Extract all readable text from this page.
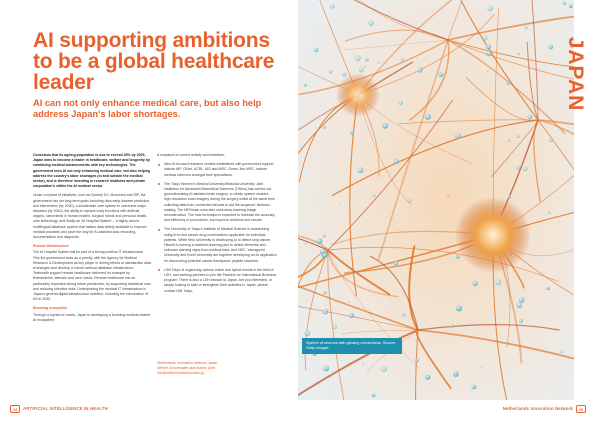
AI supporting ambitions to be a global healthcare leader
AI can not only enhance medical care, but also help address Japan's labor shortages.

Conscious that its ageing population is due to exceed 40% by 2025, Japan aims to become a leader in healthcare, welfare and longevity by combining medical advancements with key technologies. The government sees AI not only enhancing medical care, but also helping address the country's labor shortages (in and outside the medical sector), and is therefore investing in research institutes and private corporation's within the AI medical sector.

Under a myriad of initiatives, such as Society 5.0, Moonshot and SIP, the government has set long-term goals including ultra-early disease prediction and intervention (by 2030), a sustainable care system to overcome major diseases (by 2040), the ability to replace body functions with artificial organs, nanorobots in human bodies, surgical robots and personal health-care technology, and finally an 'AI Hospital System' – a highly secure multilingual database system that makes data widely available to improve medical practices and pave the way for AI-assisted auto-recording, documentation and diagnosis.

Robust infrastructure

The AI Hospital System will be part of a strong medical IT infrastructure. This the government sees as a priority, with the Agency for Medical Research & Development as key player in driving efforts to standardize data exchanges and develop a robust medical database infrastructure. Telehealth support remote healthcare delivered for example by telemedicine, telecare and care robots. Remote healthcare can be particularly important during future pandemics, by supporting traditional care and reducing infection risks. Underpinning the medical IT infrastructure is Japan's general digital infrastructure ambition, including the introduction of 6G in 2030.

Booming ecosystem

Through a myriad of routes, Japan is developing a booming medical-related AI ecosystem.

A snapshot of current activity and initiatives:

New AI-focused research centers established with government support include AIP, CiNet, UCRL, AIS and AIRC. Some, like AIRC, include medical sciences amongst their specialisms.
The Tokyo Women's Medical University/Waseda University Joint Institution for Advanced Biomedical Sciences (TWIns) has carried out groundbreaking AI-assisted brain surgery: a robotic system enables high-resolution brain imagery during the surgery whilst at the same time collecting data from connected devices to aid the surgeons' decision-making. The MRI brain scan also uses deep-learning image reconstruction. The new technique is expected to increase the accuracy and efficiency of procedures, and improve workflow and results.
The University of Tokyo's Institute of Medical Science is researching using AI to find cancer drug combinations applicable for individual patients. While Keio University is developing AI to detect lung cancer. Hitachi is running a machine-learning pilot to detect dementia and unknown warning signs from medical data. And NEC, Yamaguchi University and Kochi University are together developing an AI application for discovering potential cancer therapeutic peptide vaccines.
LSN Tokyo is organizing various online and hybrid events in the field of LSH, and seeking partners to join the Partners for International Business program. There is also a LSH mission to Japan. Are you interested, or simply looking to start or strengthen their activities in Japan, please contact NIN Tokyo.
Netherlands Innovation Network Japan
Nienke Schoemaker and Mariko Goto
info@netherlandsinnovation.jp
24 ARTIFICIAL INTELLIGENCE IN HEALTH
System of neurons with glowing connections. Source: Getty Images
JAPAN
Netherlands Innovation Network 25
